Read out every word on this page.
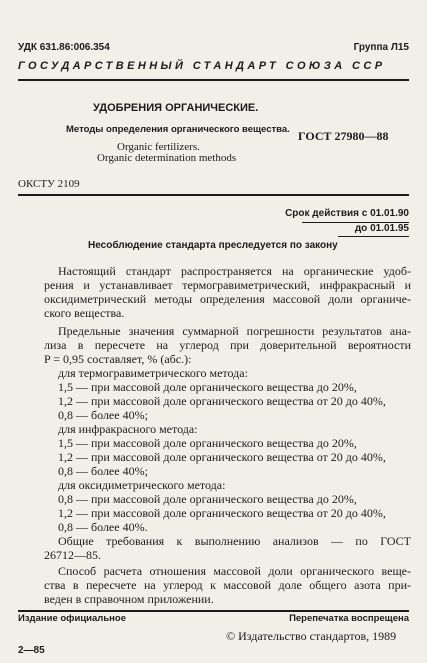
УДК 631.86:006.354	Группа Л15
ГОСУДАРСТВЕННЫЙ СТАНДАРТ СОЮЗА ССР
УДОБРЕНИЯ ОРГАНИЧЕСКИЕ.
Методы определения органического вещества. ГОСТ 27980—88
Organic fertilizers.
Organic determination methods
ОКСТУ 2109
Срок действия с 01.01.90
до 01.01.95
Несоблюдение стандарта преследуется по закону
Настоящий стандарт распространяется на органические удоб-
рения и устанавливает термогравиметрический, инфракрасный и
оксидиметрический методы определения массовой доли органиче-
ского вещества.
Предельные значения суммарной погрешности результатов ана-
лиза в пересчете на углерод при доверительной вероятности
P = 0,95 составляет, % (абс.):
для термогравиметрического метода:
1,5 — при массовой доле органического вещества до 20%,
1,2 — при массовой доле органического вещества от 20 до 40%,
0,8 — более 40%;
для инфракрасного метода:
1,5 — при массовой доле органического вещества до 20%,
1,2 — при массовой доле органического вещества от 20 до 40%,
0,8 — более 40%;
для оксидиметрического метода:
0,8 — при массовой доле органического вещества до 20%,
1,2 — при массовой доле органического вещества от 20 до 40%,
0,8 — более 40%.
Общие требования к выполнению анализов — по ГОСТ
26712—85.
Способ расчета отношения массовой доли органического веще-
ства в пересчете на углерод к массовой доле общего азота при-
веден в справочном приложении.
Издание официальное	Перепечатка воспрещена
© Издательство стандартов, 1989
2—85
